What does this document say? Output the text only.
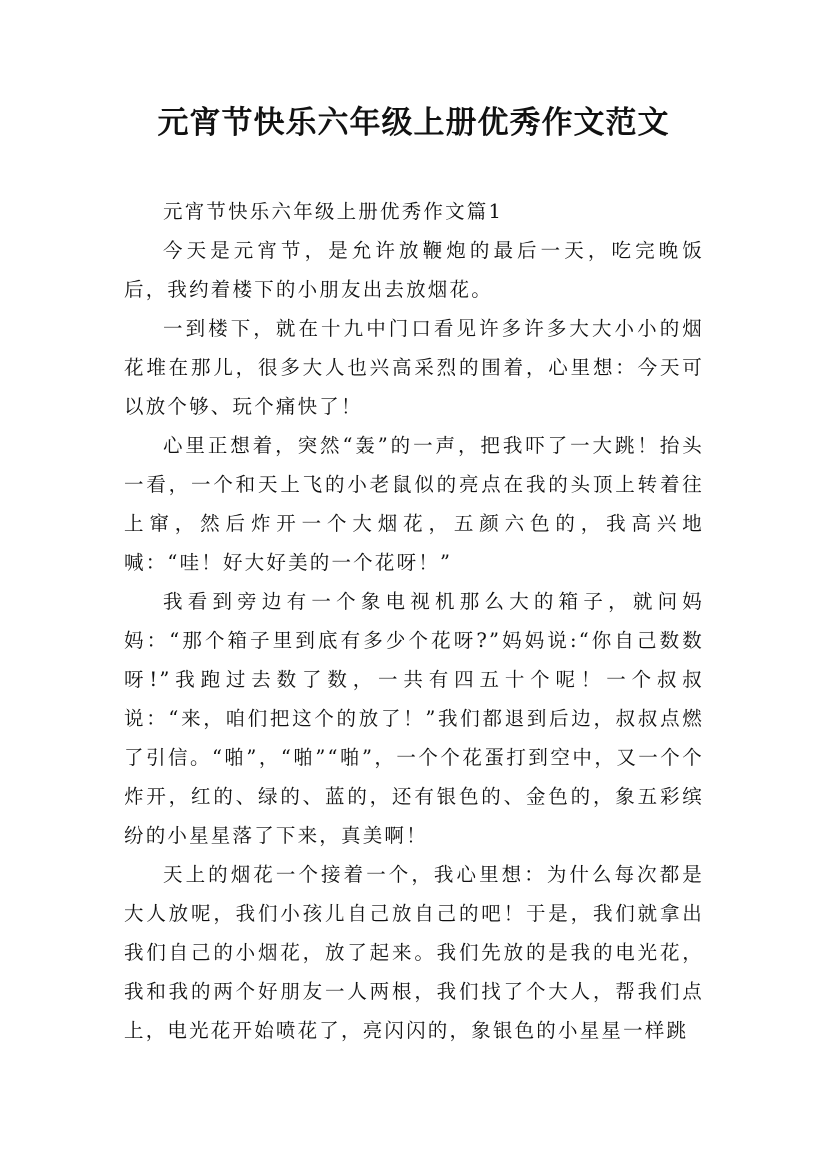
元宵节快乐六年级上册优秀作文范文

元宵节快乐六年级上册优秀作文篇1

今天是元宵节，是允许放鞭炮的最后一天，吃完晚饭后，我约着楼下的小朋友出去放烟花。

一到楼下，就在十九中门口看见许多许多大大小小的烟花堆在那儿，很多大人也兴高采烈的围着，心里想：今天可以放个够、玩个痛快了！

心里正想着，突然“轰”的一声，把我吓了一大跳！抬头一看，一个和天上飞的小老鼠似的亮点在我的头顶上转着往上窜，然后炸开一个大烟花，五颜六色的，我高兴地喊：“哇！好大好美的一个花呀！”

我看到旁边有一个象电视机那么大的箱子，就问妈妈：“那个箱子里到底有多少个花呀?”妈妈说:“你自己数数呀!”我跑过去数了数，一共有四五十个呢！一个叔叔说：“来，咱们把这个的放了！”我们都退到后边，叔叔点燃了引信。“啪”，“啪”“啪”，一个个花蛋打到空中，又一个个炸开，红的、绿的、蓝的，还有银色的、金色的，象五彩缤纷的小星星落了下来，真美啊！

天上的烟花一个接着一个，我心里想：为什么每次都是大人放呢，我们小孩儿自己放自己的吧！于是，我们就拿出我们自己的小烟花，放了起来。我们先放的是我的电光花，我和我的两个好朋友一人两根，我们找了个大人，帮我们点上，电光花开始喷花了，亮闪闪的，象银色的小星星一样跳
